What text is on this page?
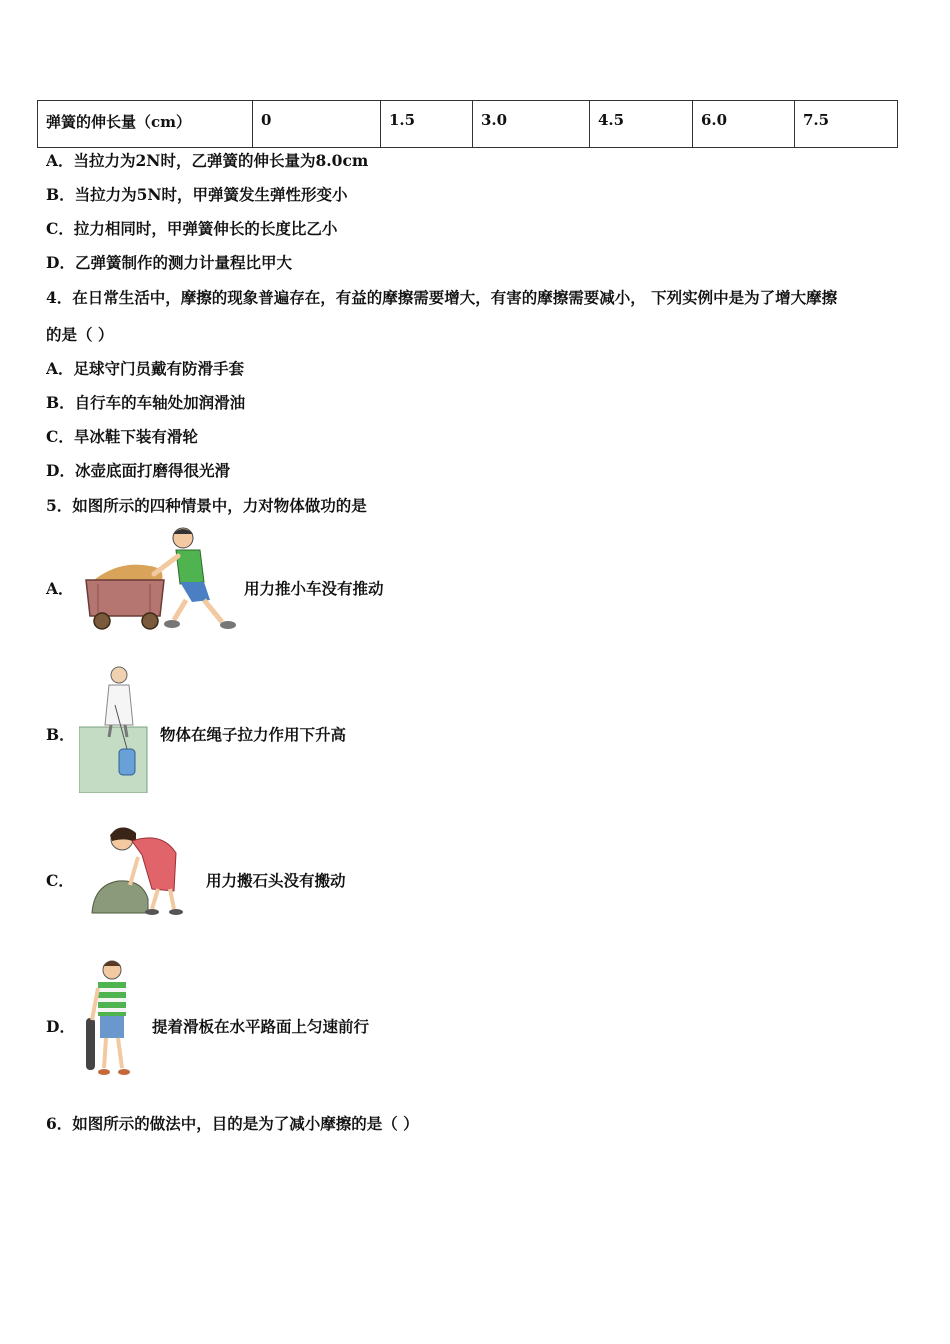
弹簧的伸长量（cm）	0	1.5	3.0	4.5	6.0	7.5
A．当拉力为2N时，乙弹簧的伸长量为8.0cm
B．当拉力为5N时，甲弹簧发生弹性形变小
C．拉力相同时，甲弹簧伸长的长度比乙小
D．乙弹簧制作的测力计量程比甲大
4．在日常生活中，摩擦的现象普遍存在，有益的摩擦需要增大，有害的摩擦需要减小， 下列实例中是为了增大摩擦
的是（ ）
A．足球守门员戴有防滑手套
B．自行车的车轴处加润滑油
C．旱冰鞋下装有滑轮
D．冰壶底面打磨得很光滑
5．如图所示的四种情景中，力对物体做功的是
A．	用力推小车没有推动
B．	物体在绳子拉力作用下升高
C．	用力搬石头没有搬动
D．	提着滑板在水平路面上匀速前行
6．如图所示的做法中，目的是为了减小摩擦的是（ ）
